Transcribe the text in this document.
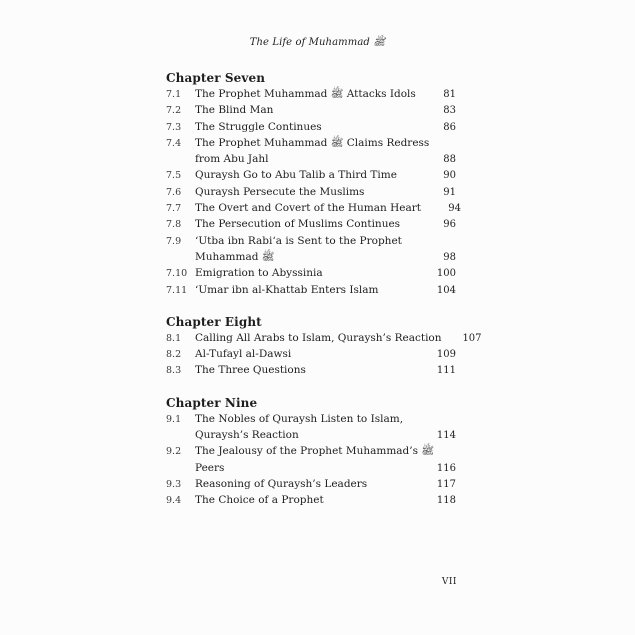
The Life of Muhammad ﷺ
Chapter Seven
7.1	The Prophet Muhammad ﷺ Attacks Idols	81
7.2	The Blind Man	83
7.3	The Struggle Continues	86
7.4	The Prophet Muhammad ﷺ Claims Redress
from Abu Jahl	88
7.5	Quraysh Go to Abu Talib a Third Time	90
7.6	Quraysh Persecute the Muslims	91
7.7	The Overt and Covert of the Human Heart	94
7.8	The Persecution of Muslims Continues	96
7.9	‘Utba ibn Rabi‘a is Sent to the Prophet
Muhammad ﷺ	98
7.10 Emigration to Abyssinia	100
7.11 ‘Umar ibn al-Khattab Enters Islam	104
Chapter Eight
8.1	Calling All Arabs to Islam, Quraysh’s Reaction	107
8.2	Al-Tufayl al-Dawsi	109
8.3	The Three Questions	111
Chapter Nine
9.1	The Nobles of Quraysh Listen to Islam,
Quraysh’s Reaction	114
9.2	The Jealousy of the Prophet Muhammad’s ﷺ
Peers	116
9.3	Reasoning of Quraysh’s Leaders	117
9.4	The Choice of a Prophet	118
VII
